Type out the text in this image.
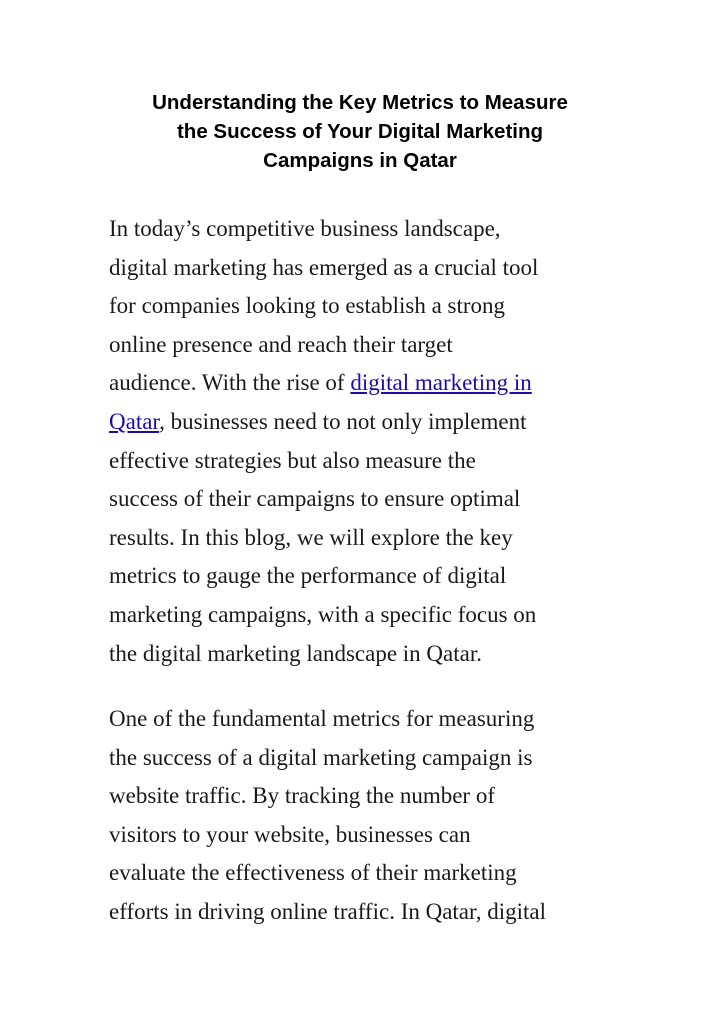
Understanding the Key Metrics to Measure
the Success of Your Digital Marketing
Campaigns in Qatar

In today’s competitive business landscape,
digital marketing has emerged as a crucial tool
for companies looking to establish a strong
online presence and reach their target
audience. With the rise of digital marketing in
Qatar, businesses need to not only implement
effective strategies but also measure the
success of their campaigns to ensure optimal
results. In this blog, we will explore the key
metrics to gauge the performance of digital
marketing campaigns, with a specific focus on
the digital marketing landscape in Qatar.

One of the fundamental metrics for measuring
the success of a digital marketing campaign is
website traffic. By tracking the number of
visitors to your website, businesses can
evaluate the effectiveness of their marketing
efforts in driving online traffic. In Qatar, digital
